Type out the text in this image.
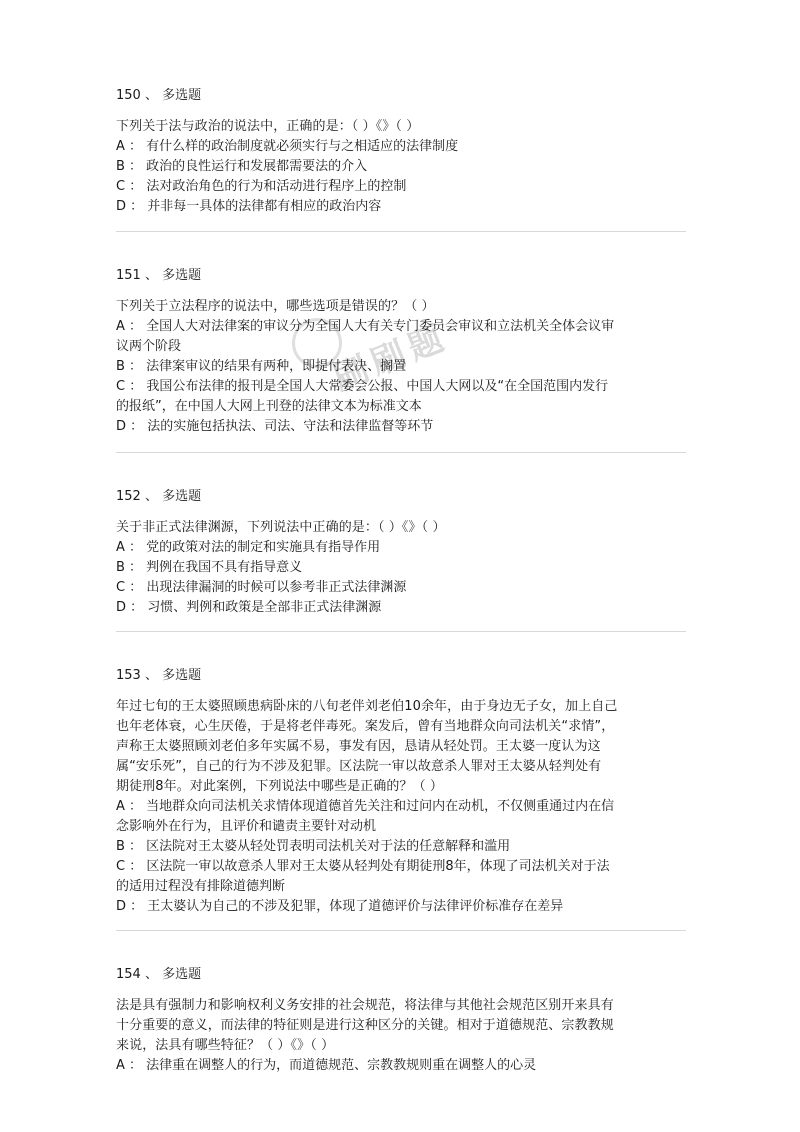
刷刷题
150 、 多选题
下列关于法与政治的说法中，正确的是：（ ）《》（ ）
A ： 有什么样的政治制度就必须实行与之相适应的法律制度
B ： 政治的良性运行和发展都需要法的介入
C ： 法对政治角色的行为和活动进行程序上的控制
D ： 并非每一具体的法律都有相应的政治内容
151 、 多选题
下列关于立法程序的说法中，哪些选项是错误的？（ ）
A ： 全国人大对法律案的审议分为全国人大有关专门委员会审议和立法机关全体会议审
议两个阶段
B ： 法律案审议的结果有两种，即提付表决、搁置
C ： 我国公布法律的报刊是全国人大常委会公报、中国人大网以及“在全国范围内发行
的报纸”，在中国人大网上刊登的法律文本为标准文本
D ： 法的实施包括执法、司法、守法和法律监督等环节
152 、 多选题
关于非正式法律渊源，下列说法中正确的是：（ ）《》（ ）
A ： 党的政策对法的制定和实施具有指导作用
B ： 判例在我国不具有指导意义
C ： 出现法律漏洞的时候可以参考非正式法律渊源
D ： 习惯、判例和政策是全部非正式法律渊源
153 、 多选题
年过七旬的王太婆照顾患病卧床的八旬老伴刘老伯10余年，由于身边无子女，加上自己
也年老体衰，心生厌倦，于是将老伴毒死。案发后，曾有当地群众向司法机关“求情”，
声称王太婆照顾刘老伯多年实属不易，事发有因，恳请从轻处罚。王太婆一度认为这
属“安乐死”，自己的行为不涉及犯罪。区法院一审以故意杀人罪对王太婆从轻判处有
期徒刑8年。对此案例，下列说法中哪些是正确的？（ ）
A ： 当地群众向司法机关求情体现道德首先关注和过问内在动机，不仅侧重通过内在信
念影响外在行为，且评价和谴责主要针对动机
B ： 区法院对王太婆从轻处罚表明司法机关对于法的任意解释和滥用
C ： 区法院一审以故意杀人罪对王太婆从轻判处有期徒刑8年，体现了司法机关对于法
的适用过程没有排除道德判断
D ： 王太婆认为自己的不涉及犯罪，体现了道德评价与法律评价标准存在差异
154 、 多选题
法是具有强制力和影响权利义务安排的社会规范，将法律与其他社会规范区别开来具有
十分重要的意义，而法律的特征则是进行这种区分的关键。相对于道德规范、宗教教规
来说，法具有哪些特征？（ ）《》（ ）
A ： 法律重在调整人的行为，而道德规范、宗教教规则重在调整人的心灵
